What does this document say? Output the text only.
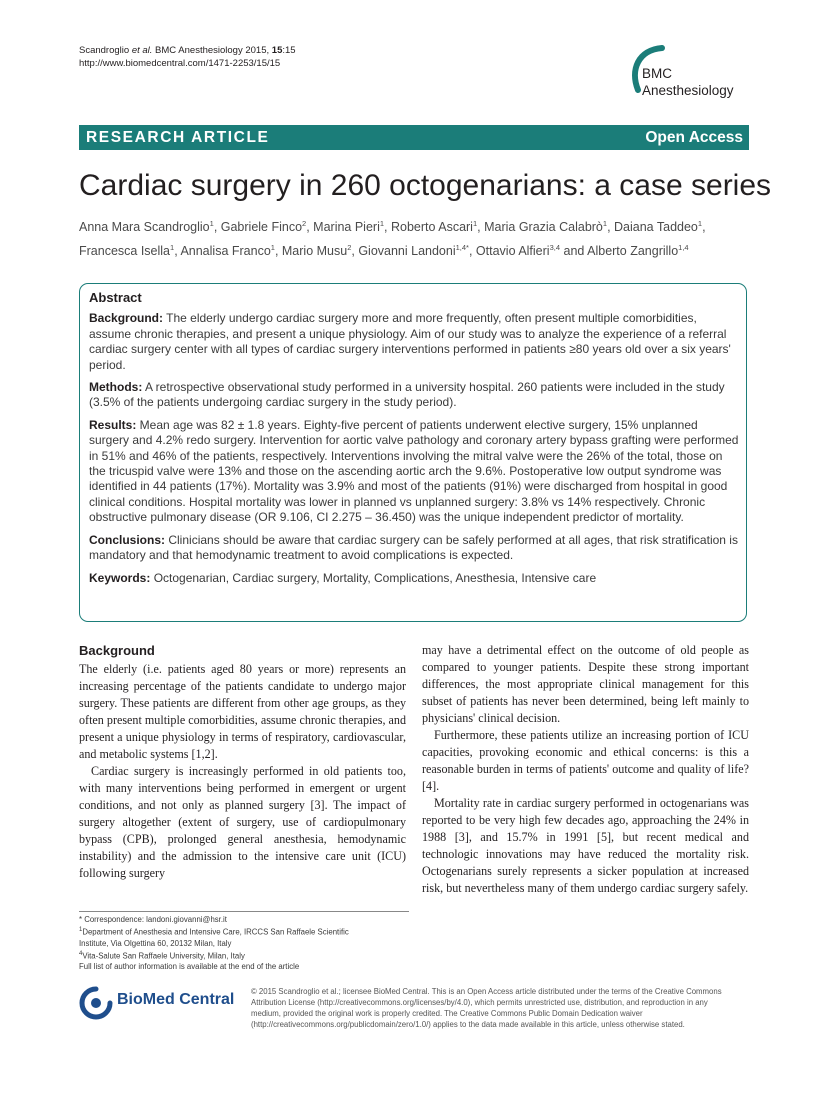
Scandroglio et al. BMC Anesthesiology 2015, 15:15
http://www.biomedcentral.com/1471-2253/15/15
BMC
Anesthesiology
RESEARCH ARTICLE	Open Access
Cardiac surgery in 260 octogenarians: a case series
Anna Mara Scandroglio$^1$, Gabriele Finco$^2$, Marina Pieri$^1$, Roberto Ascari$^1$, Maria Grazia Calabrò$^1$, Daiana Taddeo$^1$,
Francesca Isella$^1$, Annalisa Franco$^1$, Mario Musu$^2$, Giovanni Landoni$^{1,4*}$, Ottavio Alfieri$^{3,4}$ and Alberto Zangrillo$^{1,4}$
Abstract

Background: The elderly undergo cardiac surgery more and more frequently, often present multiple comorbidities, assume chronic therapies, and present a unique physiology. Aim of our study was to analyze the experience of a referral cardiac surgery center with all types of cardiac surgery interventions performed in patients ≥80 years old over a six years' period.

Methods: A retrospective observational study performed in a university hospital. 260 patients were included in the study (3.5% of the patients undergoing cardiac surgery in the study period).

Results: Mean age was 82 ± 1.8 years. Eighty-five percent of patients underwent elective surgery, 15% unplanned surgery and 4.2% redo surgery. Intervention for aortic valve pathology and coronary artery bypass grafting were performed in 51% and 46% of the patients, respectively. Interventions involving the mitral valve were the 26% of the total, those on the tricuspid valve were 13% and those on the ascending aortic arch the 9.6%. Postoperative low output syndrome was identified in 44 patients (17%). Mortality was 3.9% and most of the patients (91%) were discharged from hospital in good clinical conditions. Hospital mortality was lower in planned vs unplanned surgery: 3.8% vs 14% respectively. Chronic obstructive pulmonary disease (OR 9.106, CI 2.275 – 36.450) was the unique independent predictor of mortality.

Conclusions: Clinicians should be aware that cardiac surgery can be safely performed at all ages, that risk stratification is mandatory and that hemodynamic treatment to avoid complications is expected.

Keywords: Octogenarian, Cardiac surgery, Mortality, Complications, Anesthesia, Intensive care

Background

The elderly (i.e. patients aged 80 years or more) represents an increasing percentage of the patients candidate to undergo major surgery. These patients are different from other age groups, as they often present multiple comorbidities, assume chronic therapies, and present a unique physiology in terms of respiratory, cardiovascular, and metabolic systems [1,2].

Cardiac surgery is increasingly performed in old patients too, with many interventions being performed in emergent or urgent conditions, and not only as planned surgery [3]. The impact of surgery altogether (extent of surgery, use of cardiopulmonary bypass (CPB), prolonged general anesthesia, hemodynamic instability) and the admission to the intensive care unit (ICU) following surgery

may have a detrimental effect on the outcome of old people as compared to younger patients. Despite these strong important differences, the most appropriate clinical management for this subset of patients has never been determined, being left mainly to physicians' clinical decision.

Furthermore, these patients utilize an increasing portion of ICU capacities, provoking economic and ethical concerns: is this a reasonable burden in terms of patients' outcome and quality of life? [4].

Mortality rate in cardiac surgery performed in octogenarians was reported to be very high few decades ago, approaching the 24% in 1988 [3], and 15.7% in 1991 [5], but recent medical and technologic innovations may have reduced the mortality risk. Octogenarians surely represents a sicker population at increased risk, but nevertheless many of them undergo cardiac surgery safely.

* Correspondence: landoni.giovanni@hsr.it
$^1$Department of Anesthesia and Intensive Care, IRCCS San Raffaele Scientific
Institute, Via Olgettina 60, 20132 Milan, Italy
$^4$Vita-Salute San Raffaele University, Milan, Italy
Full list of author information is available at the end of the article
BioMed Central © 2015 Scandroglio et al.; licensee BioMed Central. This is an Open Access article distributed under the terms of the Creative Commons Attribution License (http://creativecommons.org/licenses/by/4.0), which permits unrestricted use, distribution, and reproduction in any medium, provided the original work is properly credited. The Creative Commons Public Domain Dedication waiver (http://creativecommons.org/publicdomain/zero/1.0/) applies to the data made available in this article, unless otherwise stated.
